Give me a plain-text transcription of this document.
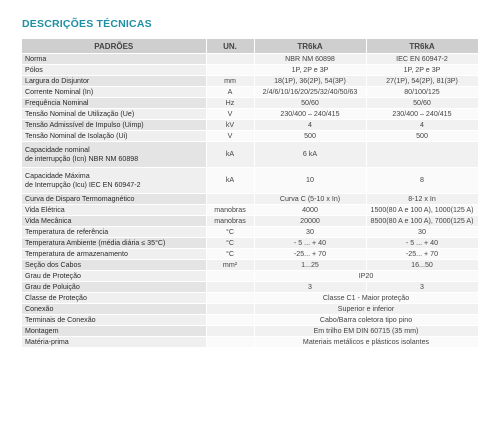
DESCRIÇÕES TÉCNICAS
PADRÕES	UN.	TR6kA	TR6kA
Norma		NBR NM 60898	IEC EN 60947-2
Pólos		1P, 2P e 3P	1P, 2P e 3P
Largura do Disjuntor	mm	18(1P), 36(2P), 54(3P)	27(1P), 54(2P), 81(3P)
Corrente Nominal (In)	A	2/4/6/10/16/20/25/32/40/50/63	80/100/125
Frequência Nominal	Hz	50/60	50/60
Tensão Nominal de Utilização (Ue)	V	230/400 – 240/415	230/400 – 240/415
Tensão Admissível de Impulso (Uimp)	kV	4	4
Tensão Nominal de Isolação (Ui)	V	500	500
Capacidade nominal
de interrupção (Icn) NBR NM 60898	kA	6 kA	
Capacidade Máxima
de Interrupção (Icu) IEC EN 60947-2	kA	10	8
Curva de Disparo Termomagnético		Curva C (5-10 x In)	8-12 x In
Vida Elétrica	manobras	4000	1500(80 A e 100 A), 1000(125 A)
Vida Mecânica	manobras	20000	8500(80 A e 100 A), 7000(125 A)
Temperatura de referência	°C	30	30
Temperatura Ambiente (média diária ≤ 35°C)	°C	- 5 ... + 40	- 5 ... + 40
Temperatura de armazenamento	°C	-25... + 70	-25... + 70
Seção dos Cabos	mm²	1...25	16...50
Grau de Proteção		IP20	
Grau de Poluição		3	3
Classe de Proteção		Classe C1 - Maior proteção	
Conexão		Superior e inferior	
Terminais de Conexão		Cabo/Barra coletora tipo pino	
Montagem		Em trilho EM DIN 60715 (35 mm)	
Matéria-prima		Materiais metálicos e plásticos isolantes	
